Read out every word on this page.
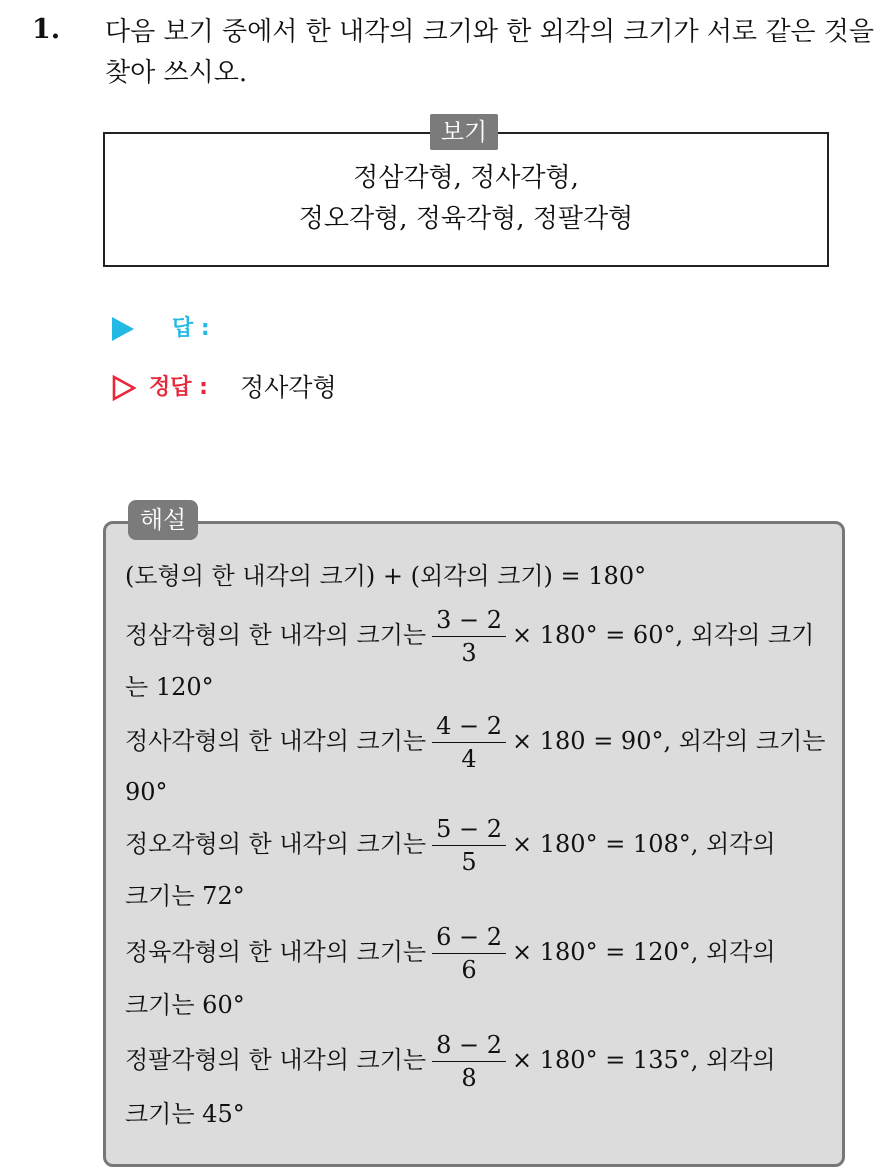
1. 다음 보기 중에서 한 내각의 크기와 한 외각의 크기가 서로 같은 것을 찾아 쓰시오.
보기
정삼각형, 정사각형,
정오각형, 정육각형, 정팔각형
답 :
정답 : 정사각형
해설
(도형의 한 내각의 크기) + (외각의 크기) = 180°
정삼각형의 한 내각의 크기는 $\frac{3 - 2}{3} \times 180^\circ = 60^\circ$, 외각의 크기
는 120°
정사각형의 한 내각의 크기는 $\frac{4 - 2}{4} \times 180 = 90^\circ$, 외각의 크기는
90°
정오각형의 한 내각의 크기는 $\frac{5 - 2}{5} \times 180^\circ = 108^\circ$, 외각의
크기는 72°
정육각형의 한 내각의 크기는 $\frac{6 - 2}{6} \times 180^\circ = 120^\circ$, 외각의
크기는 60°
정팔각형의 한 내각의 크기는 $\frac{8 - 2}{8} \times 180^\circ = 135^\circ$, 외각의
크기는 45°
